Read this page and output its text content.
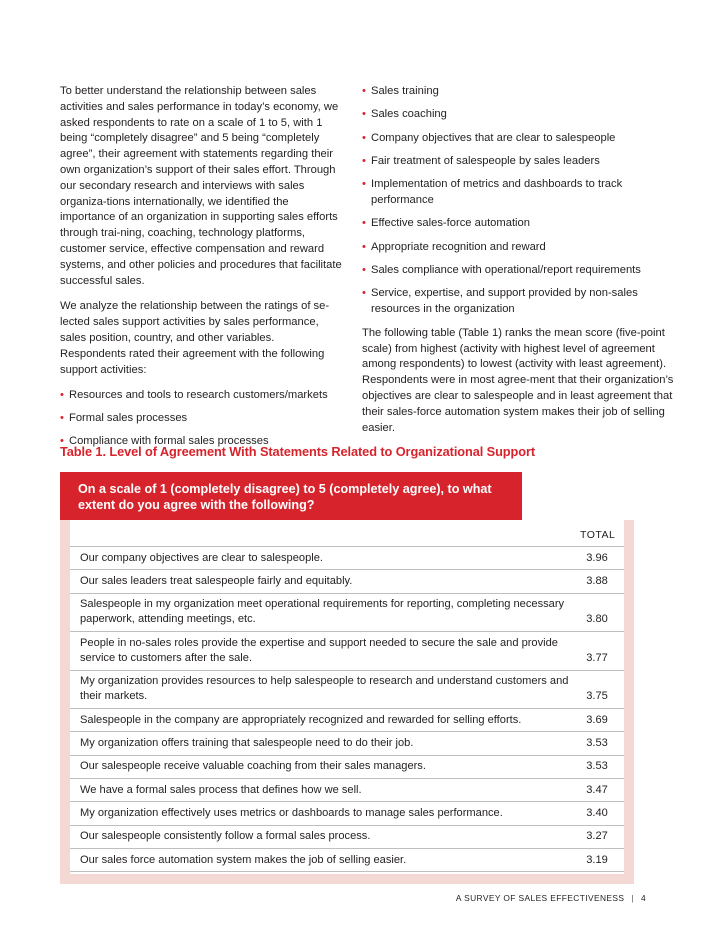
To better understand the relationship between sales activities and sales performance in today’s economy, we asked respondents to rate on a scale of 1 to 5, with 1 being “completely disagree” and 5 being “completely agree”, their agreement with statements regarding their own organization’s support of their sales effort. Through our secondary research and interviews with sales organiza-tions internationally, we identified the importance of an organization in supporting sales efforts through trai-ning, coaching, technology platforms, customer service, effective compensation and reward systems, and other policies and procedures that facilitate successful sales.

We analyze the relationship between the ratings of se-lected sales support activities by sales performance, sales position, country, and other variables. Respondents rated their agreement with the following support activities:

• Resources and tools to research customers/markets
• Formal sales processes
• Compliance with formal sales processes
• Sales training
• Sales coaching
• Company objectives that are clear to salespeople
• Fair treatment of salespeople by sales leaders
• Implementation of metrics and dashboards to track performance
• Effective sales-force automation
• Appropriate recognition and reward
• Sales compliance with operational/report requirements
• Service, expertise, and support provided by non-sales resources in the organization

The following table (Table 1) ranks the mean score (five-point scale) from highest (activity with highest level of agreement among respondents) to lowest (activity with least agreement). Respondents were in most agree-ment that their organization’s objectives are clear to salespeople and in least agreement that their sales-force automation system makes their job of selling easier.

Table 1. Level of Agreement With Statements Related to Organizational Support
On a scale of 1 (completely disagree) to 5 (completely agree), to what extent do you agree with the following?
TOTAL
Our company objectives are clear to salespeople.	3.96
Our sales leaders treat salespeople fairly and equitably.	3.88
Salespeople in my organization meet operational requirements for reporting, completing necessary paperwork, attending meetings, etc.	3.80
People in no-sales roles provide the expertise and support needed to secure the sale and provide service to customers after the sale.	3.77
My organization provides resources to help salespeople to research and understand customers and their markets.	3.75
Salespeople in the company are appropriately recognized and rewarded for selling efforts.	3.69
My organization offers training that salespeople need to do their job.	3.53
Our salespeople receive valuable coaching from their sales managers.	3.53
We have a formal sales process that defines how we sell.	3.47
My organization effectively uses metrics or dashboards to manage sales performance.	3.40
Our salespeople consistently follow a formal sales process.	3.27
Our sales force automation system makes the job of selling easier.	3.19
A SURVEY OF SALES EFFECTIVENESS | 4
